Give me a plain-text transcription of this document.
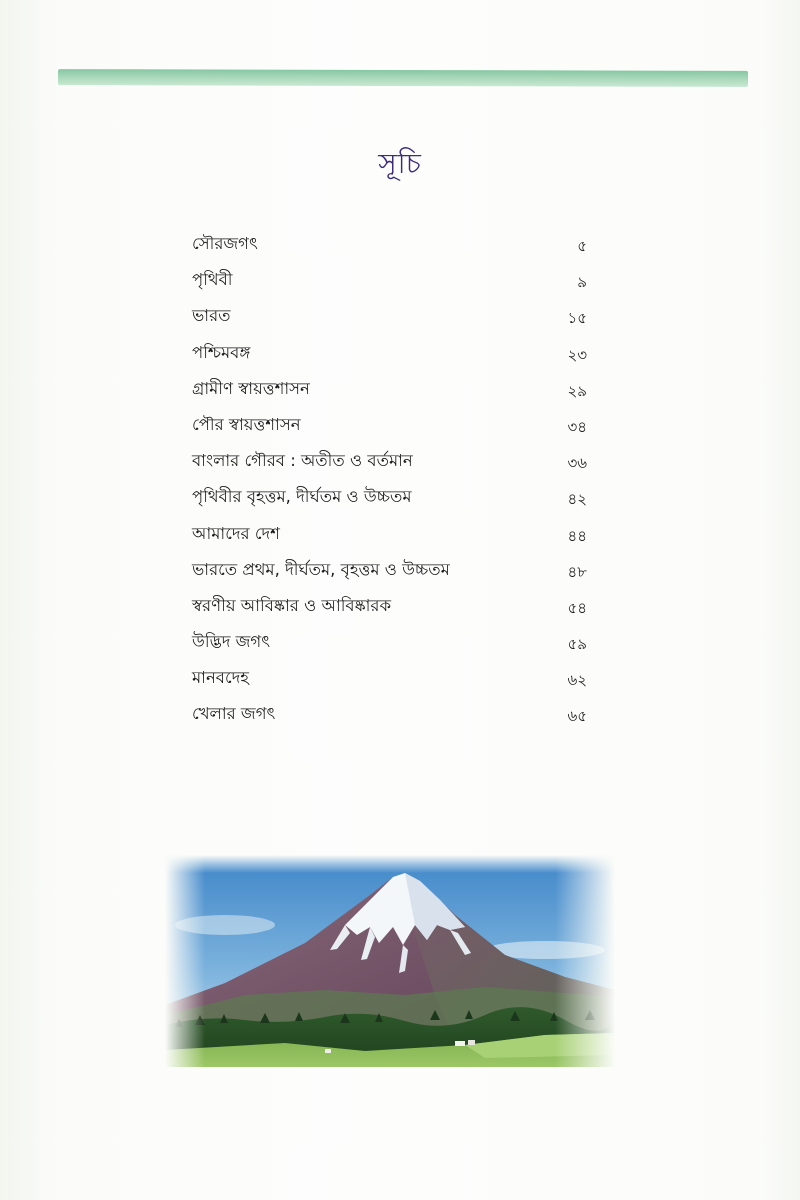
সূচি
সৌরজগৎ	৫
পৃথিবী	৯
ভারত	১৫
পশ্চিমবঙ্গ	২৩
গ্রামীণ স্বায়ত্তশাসন	২৯
পৌর স্বায়ত্তশাসন	৩৪
বাংলার গৌরব : অতীত ও বর্তমান	৩৬
পৃথিবীর বৃহত্তম, দীর্ঘতম ও উচ্চতম	৪২
আমাদের দেশ	৪৪
ভারতে প্রথম, দীর্ঘতম, বৃহত্তম ও উচ্চতম	৪৮
স্বরণীয় আবিষ্কার ও আবিষ্কারক	৫৪
উদ্ভিদ জগৎ	৫৯
মানবদেহ	৬২
খেলার জগৎ	৬৫
